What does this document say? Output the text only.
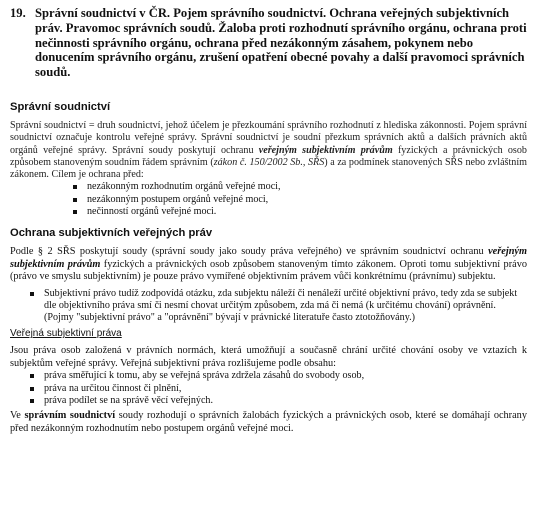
19. Správní soudnictví v ČR. Pojem správního soudnictví. Ochrana veřejných subjektivních práv. Pravomoc správních soudů. Žaloba proti rozhodnutí správního orgánu, ochrana proti nečinnosti správního orgánu, ochrana před nezákonným zásahem, pokynem nebo donucením správního orgánu, zrušení opatření obecné povahy a další pravomoci správních soudů.
Správní soudnictví

Správní soudnictví = druh soudnictví, jehož účelem je přezkoumání správního rozhodnutí z hlediska zákonnosti. Pojem správní soudnictví označuje kontrolu veřejné správy. Správní soudnictví je soudní přezkum správních aktů a dalších právních aktů orgánů veřejné správy. Správní soudy poskytují ochranu veřejným subjektivním právům fyzických a právnických osob způsobem stanoveným soudním řádem správním (zákon č. 150/2002 Sb., SŘS) a za podmínek stanovených SŘS nebo zvláštním zákonem. Cílem je ochrana před:

nezákonným rozhodnutím orgánů veřejné moci,
nezákonným postupem orgánů veřejné moci,
nečinností orgánů veřejné moci.
Ochrana subjektivních veřejných práv

Podle § 2 SŘS poskytují soudy (správní soudy jako soudy práva veřejného) ve správním soudnictví ochranu veřejným subjektivním právům fyzických a právnických osob způsobem stanoveným tímto zákonem. Oproti tomu subjektivní právo (právo ve smyslu subjektivním) je pouze právo vymířené objektivním právem vůči konkrétnímu (právnímu) subjektu.

Subjektivní právo tudíž zodpovídá otázku, zda subjektu náleží či nenáleží určité objektivní právo, tedy zda se subjekt dle objektivního práva smí či nesmí chovat určitým způsobem, zda má či nemá (k určitému chování) oprávnění. (Pojmy "subjektivní právo" a "oprávnění" bývají v právnické literatuře často ztotožňovány.)
Veřejná subjektivní práva

Jsou práva osob založená v právních normách, která umožňují a současně chrání určité chování osoby ve vztazích k subjektům veřejné správy. Veřejná subjektivní práva rozlišujeme podle obsahu:

práva směřující k tomu, aby se veřejná správa zdržela zásahů do svobody osob,
práva na určitou činnost či plnění,
práva podílet se na správě věcí veřejných.

Ve správním soudnictví soudy rozhodují o správních žalobách fyzických a právnických osob, které se domáhají ochrany před nezákonným rozhodnutím nebo postupem orgánů veřejné moci.
